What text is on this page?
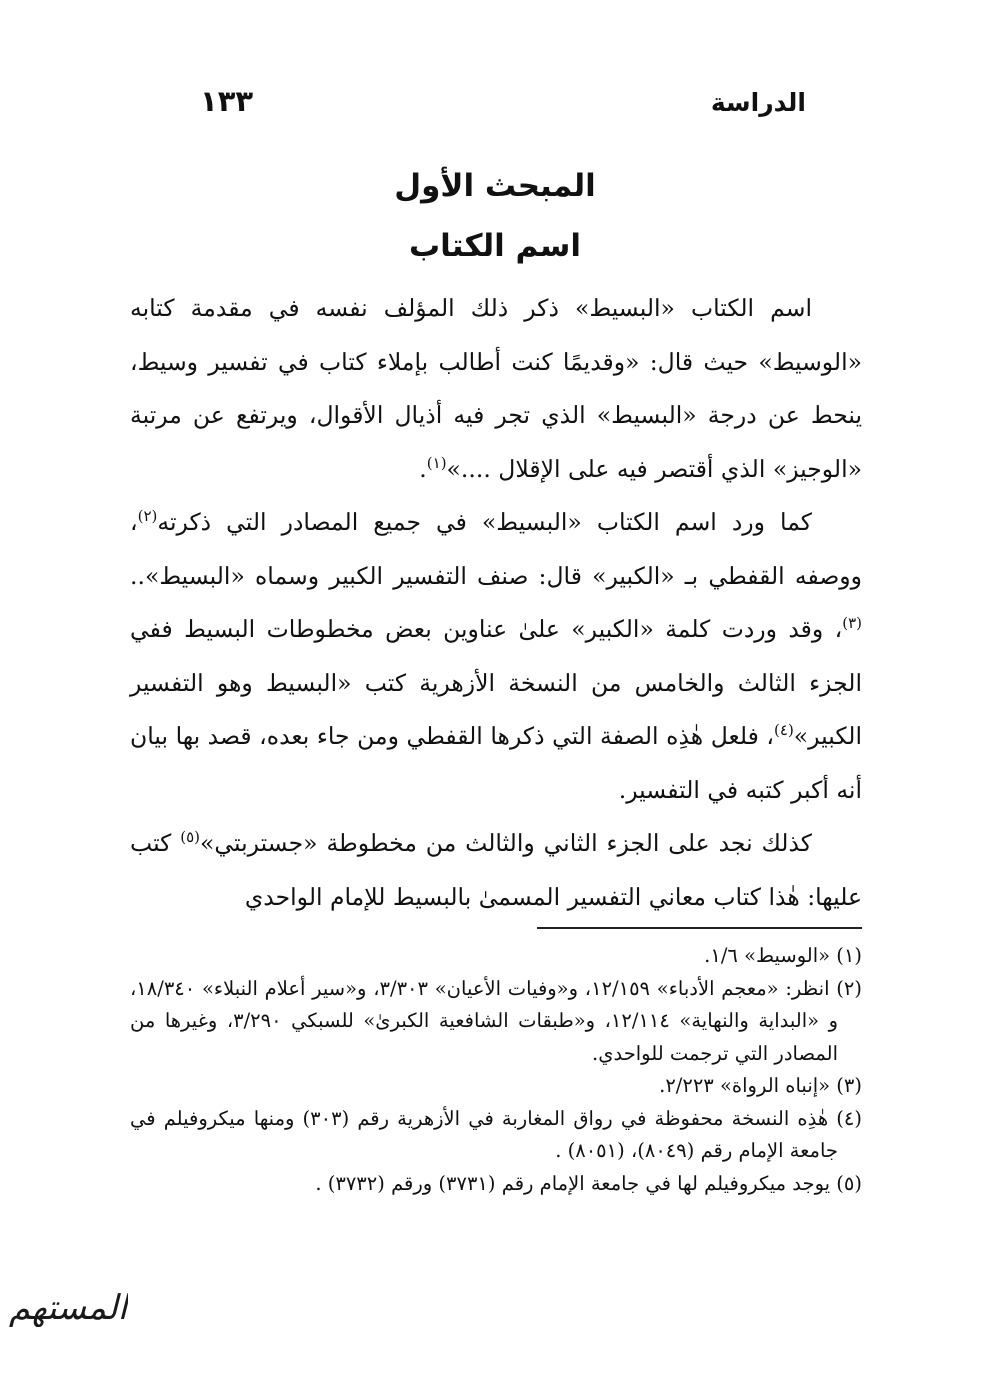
الدراسة
١٣٣
المبحث الأول
اسم الكتاب

اسم الكتاب «البسيط» ذكر ذلك المؤلف نفسه في مقدمة كتابه «الوسيط» حيث قال: «وقديمًا كنت أطالب بإملاء كتاب في تفسير وسيط، ينحط عن درجة «البسيط» الذي تجر فيه أذيال الأقوال، ويرتفع عن مرتبة «الوجيز» الذي أقتصر فيه على الإقلال ....»$^{(١)}$.

كما ورد اسم الكتاب «البسيط» في جميع المصادر التي ذكرته$^{(٢)}$، ووصفه القفطي بـ «الكبير» قال: صنف التفسير الكبير وسماه «البسيط»..$^{(٣)}$، وقد وردت كلمة «الكبير» علىٰ عناوين بعض مخطوطات البسيط ففي الجزء الثالث والخامس من النسخة الأزهرية كتب «البسيط وهو التفسير الكبير»$^{(٤)}$، فلعل هٰذِه الصفة التي ذكرها القفطي ومن جاء بعده، قصد بها بيان أنه أكبر كتبه في التفسير.

كذلك نجد على الجزء الثاني والثالث من مخطوطة «جستربتي»$^{(٥)}$ كتب عليها: هٰذا كتاب معاني التفسير المسمىٰ بالبسيط للإمام الواحدي

(١) «الوسيط» ١/٦.

(٢) انظر: «معجم الأدباء» ١٢/١٥٩، و«وفيات الأعيان» ٣/٣٠٣، و«سير أعلام النبلاء» ١٨/٣٤٠، و «البداية والنهاية» ١٢/١١٤، و«طبقات الشافعية الكبرىٰ» للسبكي ٣/٢٩٠، وغيرها من المصادر التي ترجمت للواحدي.

(٣) «إنباه الرواة» ٢/٢٢٣.

(٤) هٰذِه النسخة محفوظة في رواق المغاربة في الأزهرية رقم (٣٠٣) ومنها ميكروفيلم في جامعة الإمام رقم (٨٠٤٩)، (٨٠٥١) .

(٥) يوجد ميكروفيلم لها في جامعة الإمام رقم (٣٧٣١) ورقم (٣٧٣٢) .

المستهم
